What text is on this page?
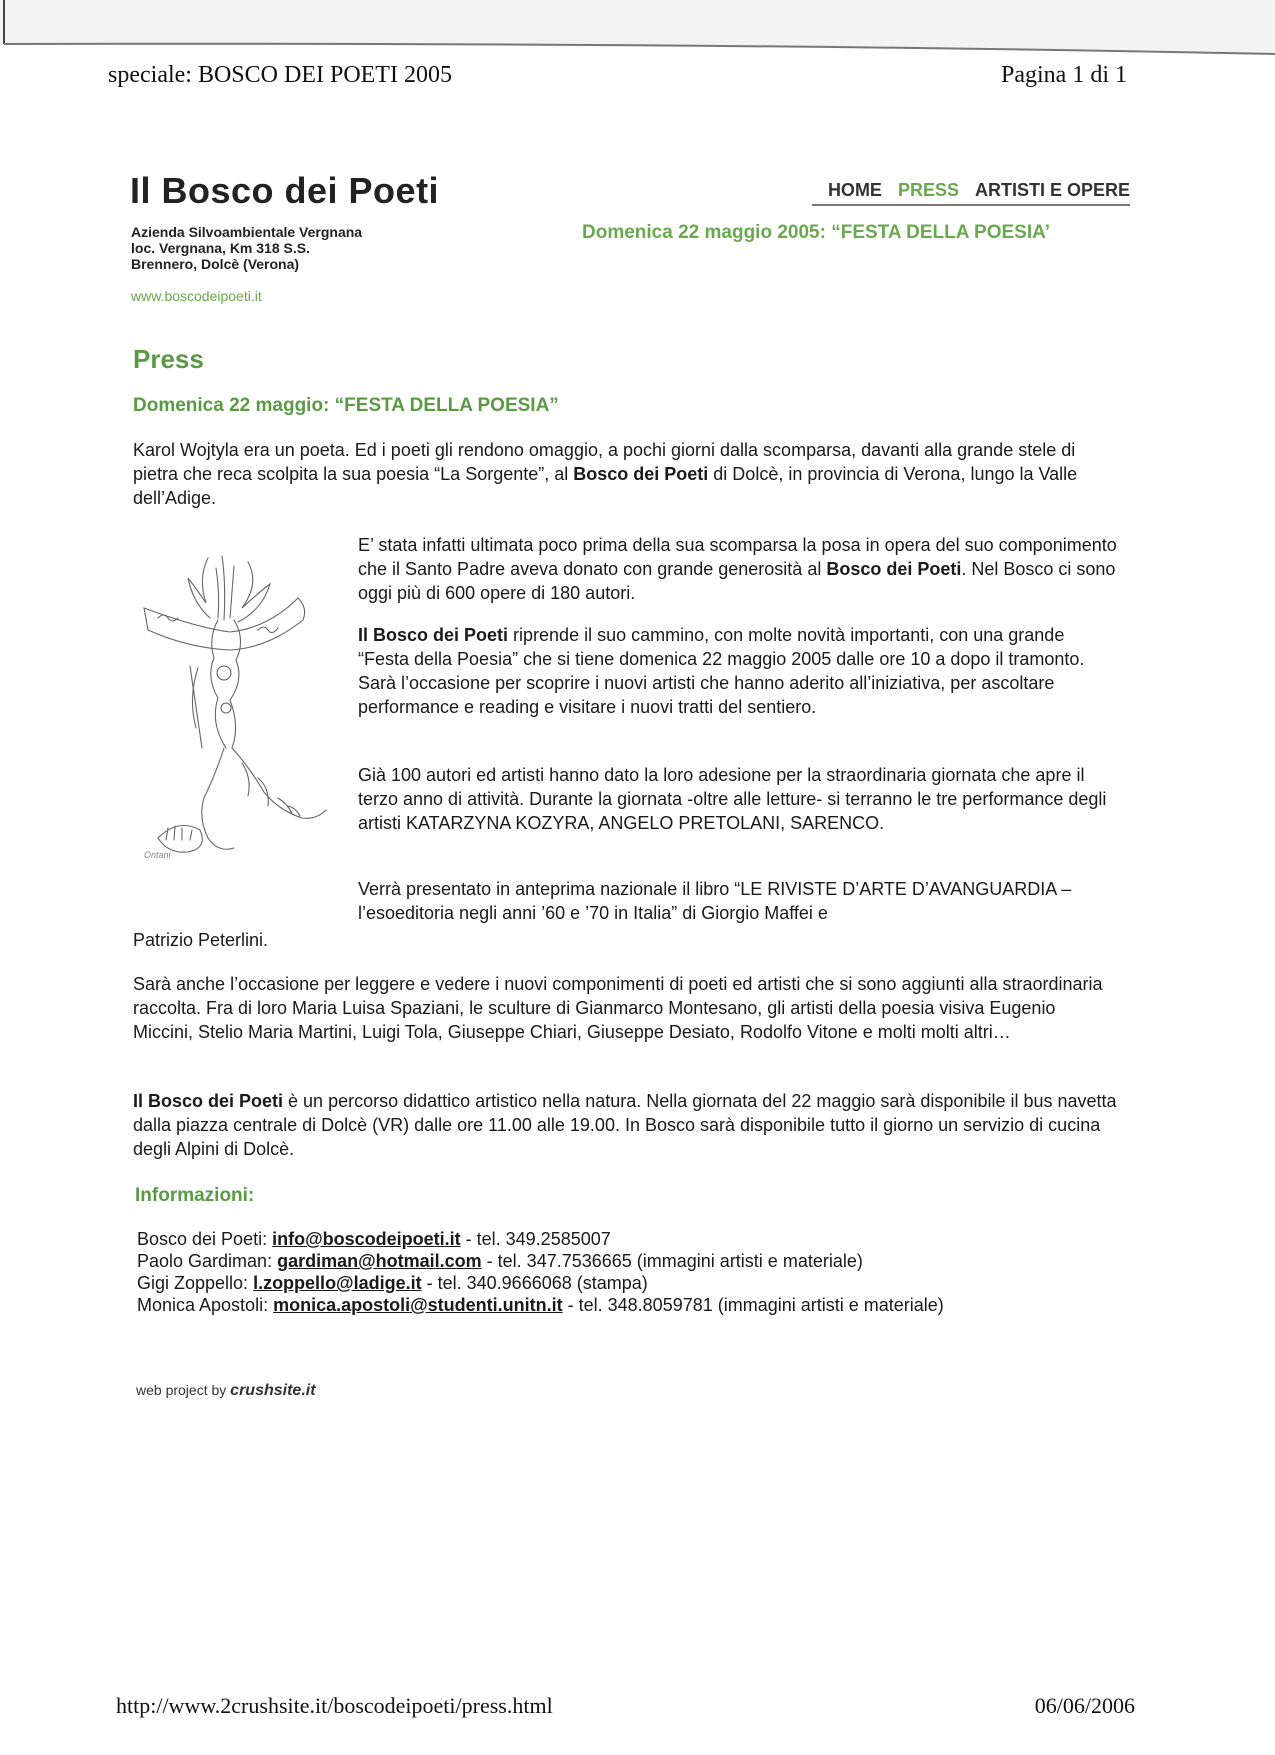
speciale: BOSCO DEI POETI 2005	Pagina 1 di 1
Il Bosco dei Poeti
Azienda Silvoambientale Vergnana
loc. Vergnana, Km 318 S.S.
Brennero, Dolcè (Verona)
www.boscodeipoeti.it
HOME PRESS ARTISTI E OPERE
Domenica 22 maggio 2005: “FESTA DELLA POESIA’
Press
Domenica 22 maggio: “FESTA DELLA POESIA”
Karol Wojtyla era un poeta. Ed i poeti gli rendono omaggio, a pochi giorni dalla scomparsa, davanti alla grande stele di pietra che reca scolpita la sua poesia “La Sorgente”, al Bosco dei Poeti di Dolcè, in provincia di Verona, lungo la Valle dell’Adige.
Ontani
E’ stata infatti ultimata poco prima della sua scomparsa la posa in opera del suo componimento che il Santo Padre aveva donato con grande generosità al Bosco dei Poeti. Nel Bosco ci sono oggi più di 600 opere di 180 autori.
Il Bosco dei Poeti riprende il suo cammino, con molte novità importanti, con una grande “Festa della Poesia” che si tiene domenica 22 maggio 2005 dalle ore 10 a dopo il tramonto. Sarà l’occasione per scoprire i nuovi artisti che hanno aderito all’iniziativa, per ascoltare performance e reading e visitare i nuovi tratti del sentiero.
Già 100 autori ed artisti hanno dato la loro adesione per la straordinaria giornata che apre il terzo anno di attività. Durante la giornata -oltre alle letture- si terranno le tre performance degli artisti KATARZYNA KOZYRA, ANGELO PRETOLANI, SARENCO.
Verrà presentato in anteprima nazionale il libro “LE RIVISTE D’ARTE D’AVANGUARDIA – l’esoeditoria negli anni ’60 e ’70 in Italia” di Giorgio Maffei e
Patrizio Peterlini.
Sarà anche l’occasione per leggere e vedere i nuovi componimenti di poeti ed artisti che si sono aggiunti alla straordinaria raccolta. Fra di loro Maria Luisa Spaziani, le sculture di Gianmarco Montesano, gli artisti della poesia visiva Eugenio Miccini, Stelio Maria Martini, Luigi Tola, Giuseppe Chiari, Giuseppe Desiato, Rodolfo Vitone e molti molti altri…
Il Bosco dei Poeti è un percorso didattico artistico nella natura. Nella giornata del 22 maggio sarà disponibile il bus navetta dalla piazza centrale di Dolcè (VR) dalle ore 11.00 alle 19.00. In Bosco sarà disponibile tutto il giorno un servizio di cucina degli Alpini di Dolcè.
Informazioni:
Bosco dei Poeti: info@boscodeipoeti.it - tel. 349.2585007
Paolo Gardiman: gardiman@hotmail.com - tel. 347.7536665 (immagini artisti e materiale)
Gigi Zoppello: l.zoppello@ladige.it - tel. 340.9666068 (stampa)
Monica Apostoli: monica.apostoli@studenti.unitn.it - tel. 348.8059781 (immagini artisti e materiale)
web project by crushsite.it
http://www.2crushsite.it/boscodeipoeti/press.html	06/06/2006
